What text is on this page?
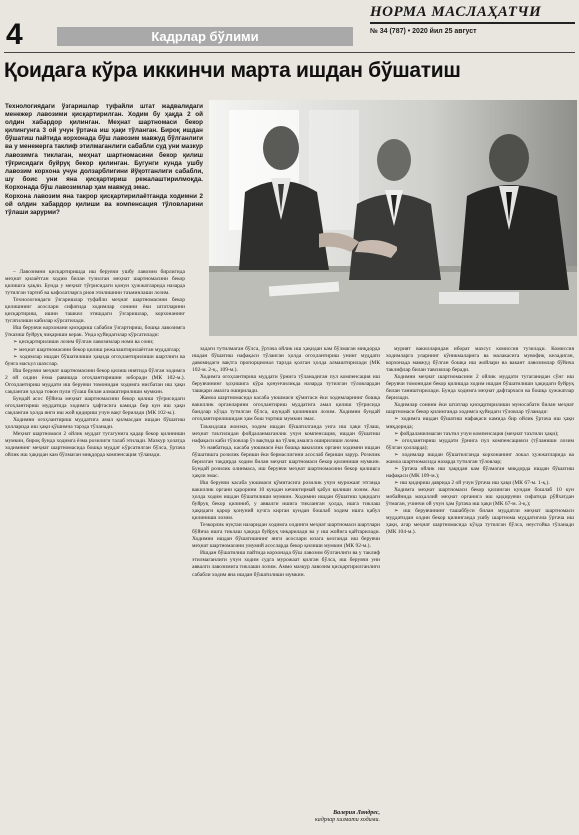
4	Кадрлар бўлими
НОРМА МАСЛАҲАТЧИ
№ 34 (787) • 2020 йил 25 август
Қоидага кўра иккинчи марта ишдан бўшатиш

Технологиядаги ўзгаришлар туфайли штат жадвалидаги менежер лавозими қисқартирилган. Ходим бу ҳақда 2 ой олдин хабардор қилинган. Меҳнат шартномаси бекор қилингунга 3 ой учун ўртача иш ҳақи тўланган. Бироқ ишдан бўшатиш пайтида корхонада бўш лавозим мавжуд бўлганлиги ва у менежерга таклиф этилмаганлиги сабабли суд уни мазкур лавозимга тиклаган, меҳнат шартномасини бекор қилиш тўғрисидаги буйруқ бекор қилинган. Бугунги кунда ушбу лавозим корхона учун долзарблигини йўқотганлиги сабабли, шу боис уни яна қисқартириш режалаштирилмоқда. Корхонада бўш лавозимлар ҳам мавжуд эмас.

Корхона лавозим яна такрор қисқартирилаётганда ходимни 2 ой олдин хабардор қилиши ва компенсация тўловларини тўлаши зарурми?

– Лавозимни қисқартиришда иш берувчи ушбу лавозим бирлигида меҳнат қилаётган ходим билан тузилган меҳнат шартномасини бекор қилишга ҳақли. Бунда у меҳнат тўғрисидаги қонун ҳужжатларида назарда тутилган тартиб ва кафолатларга риоя этилишини таъминлаши лозим.

Технологиядаги ўзгаришлар туфайли меҳнат шартномасини бекор қилишнинг асослари сифатида ходимлар сонини ёки штатларини қисқартириш, ишни ташкил этишдаги ўзгаришлар, корхонанинг тугатилиши кабилар кўрсатилади.

Иш берувчи корхонани қисқариш сабабли ўзгартириш, бошқа лавозимга ўтказиш буйруқ чиқариши керак. Унда қуйидагилар кўрсатилади:

➢ қисқартирилиши лозим бўлган лавозимлар номи ва сони;

➢ меҳнат шартномасини бекор қилиш режалаштирилаётган муддатлар;

➢ ходимлар ишдан бўшатилиши ҳақида огоҳлантирилиши шартлиги ва бунга масъул шахслар.

Иш берувчи меҳнат шартномасини бекор қилиш ниятида бўлган ходимга 2 ой олдин ёзма равишда огоҳлантиришни юборади (МК 102-м.). Огоҳлантириш муддати иш берувчи томонидан ходимга нисбатан иш ҳақи сақланган ҳолда товон пули тўлаш билан алмаштирилиши мумкин.

Бундай асос бўйича меҳнат шартномасини бекор қилиш тўғрисидаги огоҳлантириш муддатида ходимга ҳафтасига камида бир кун иш ҳақи сақланган ҳолда янги иш жой қидириш учун вақт берилади (МК 102-м.).

Ходимни огоҳлантириш муддатига амал қилмасдан ишдан бўшатиш ҳолларида иш ҳақи қўшимча тарзда тўланади.

Меҳнат шартномаси 2 ойлик муддат тугагунига қадар бекор қилиниши мумкин, бироқ бунда ходимга ёзма розилиги талаб этилади. Мазкур ҳолатда ходимнинг меҳнат шартномасида бошқа муддат кўрсатилган бўлса, ўртача ойлик иш ҳақидан кам бўлмаган миқдорда компенсация тўланади.

задаги тутилмаган бўлса, ўртача ойлик иш ҳақидан кам бўлмаган миқдорда ишдан бўшатиш нафақаси тўланган ҳолда огоҳлантириш унинг муддати давомидаги вақтга пропорционал тарзда қолган ҳолда алмаштирилади (МК 102-м. 2-қ., 109-м.).

Ходимга огоҳлантириш муддати ўрнига тўланадиган пул компенсация иш берувчининг ҳоҳишига кўра қонунчиликда назарда тутилган тўловлардан ташқари амалга оширилади.

Жамоа шартномасида касаба уюшмаси қўмитаси ёки ходимларнинг бошқа вакиллик органларини огоҳлантириш муддатига амал қилиш тўғрисида бандлар кўзда тутилган бўлса, шундай қилиниши лозим. Ходимни бундай огоҳлантирилишидан ҳам бош тортиш мумкин эмас.

Таъкидлаш жоизки, ходим ишдан бўшатилганда унга иш ҳақи тўлаш, меҳнат таътилидан фойдаланмаганлик учун компенсация, ишдан бўшатиш нафақаси каби тўловлар ўз вақтида ва тўлиқ амалга оширилиши лозим.

Уз навбатида, касаба уюшмаси ёки бошқа вакиллик органи ходимни ишдан бўшатишга розилик бериши ёки бермаслигини асослаб бериши зарур. Розилик берилган тақдирда ходим билан меҳнат шартномаси бекор қилиниши мумкин. Бундай розилик олинмаса, иш берувчи меҳнат шартномасини бекор қилишга ҳақли эмас.

Иш берувчи касаба уюшмаси қўмитасига розилик учун мурожаат этганда вакиллик органи қарорини 10 кундан кечиктирмай қабул қилиши лозим. Акс ҳолда ходим ишдан бўшатилиши мумкин. Ходимни ишдан бўшатиш ҳақидаги буйруқ бекор қилиниб, у аввалги ишига тикланган ҳолда, ишга тиклаш ҳақидаги қарор қонуний кучга кирган кундан бошлаб ходим ишга қабул қилиниши лозим.

Тезкорлик нуқтаи назаридан ходимга олдинги меҳнат шартномаси шартлари бўйича ишга тиклаш ҳақида буйруқ чиқарилади ва у иш жойига қайтарилади. Ходимни ишдан бўшатишнинг янги асослари юзага келганда иш берувчи меҳнат шартномасини умумий асосларда бекор қилиши мумкин (МК 92-м.).

Ишдан бўшатилиш пайтида корхонада бўш лавозим бўлганлиги ва у таклиф этилмаганлиги учун ходим судга мурожаат қилган бўлса, иш берувчи уни аввалги лавозимига тиклаши лозим. Аммо мазкур лавозим қисқартирилганлиги сабабли ходим яна ишдан бўшатилиши мумкин.

мурият вакилларидан иборат махсус комиссия тузилади. Комиссия ходимларга уларнинг кўникмаларига ва малакасига мувофиқ келадиган, корхонада мавжуд бўлган бошқа иш жойлари ва вакант лавозимлар бўйича таклифлар билан тавсиялар беради.

Ходимни меҳнат шартномасини 2 ойлик муддати тугаганидан сўнг иш берувчи томонидан бекор қилишда ходим ишдан бўшатилиши ҳақидаги буйруқ билан таништирилади. Бунда ходимга меҳнат дафтарчаси ва бошқа ҳужжатлар берилади.

Ходимлар сонини ёки штатлар қисқартирилиши муносабати билан меҳнат шартномаси бекор қилинганда ходимга қуйидаги тўловлар тўланади:

➢ ходимга ишдан бўшатиш нафақаси камида бир ойлик ўртача иш ҳақи миқдорида;

➢ фойдаланилмаган таътил учун компенсация (меҳнат таътили ҳақи);

➢ огоҳлантириш муддати ўрнига пул компенсацияси (тўланиши лозим бўлган ҳолларда);

➢ ходимлар ишдан бўшатилганда корхонанинг локал ҳужжатларида ва жамоа шартномасида назарда тутилган тўловлар;

➢ ўртача ойлик иш ҳақидан кам бўлмаган миқдорда ишдан бўшатиш нафақаси (МК 109-м.);

➢ иш қидириш даврида 2 ой учун ўртача иш ҳақи (МК 67-м. 1-қ.).

Ходимга меҳнат шартномаси бекор қилинган кундан бошлаб 10 кун мобайнида маҳаллий меҳнат органига иш қидирувчи сифатида рўйхатдан ўтмаган, учинчи ой учун ҳам ўртача иш ҳақи (МК 67-м. 3-қ.);

➢ иш берувчининг ташаббуси билан муддатли меҳнат шартномаси муддатидан олдин бекор қилинганда ушбу шартнома муддатигача ўртача иш ҳақи, агар меҳнат шартномасида кўзда тутилган бўлса, неустойка тўланади (МК 104-м.).

Валерия Ляндрес,
кадрлар хизмати ходими.
